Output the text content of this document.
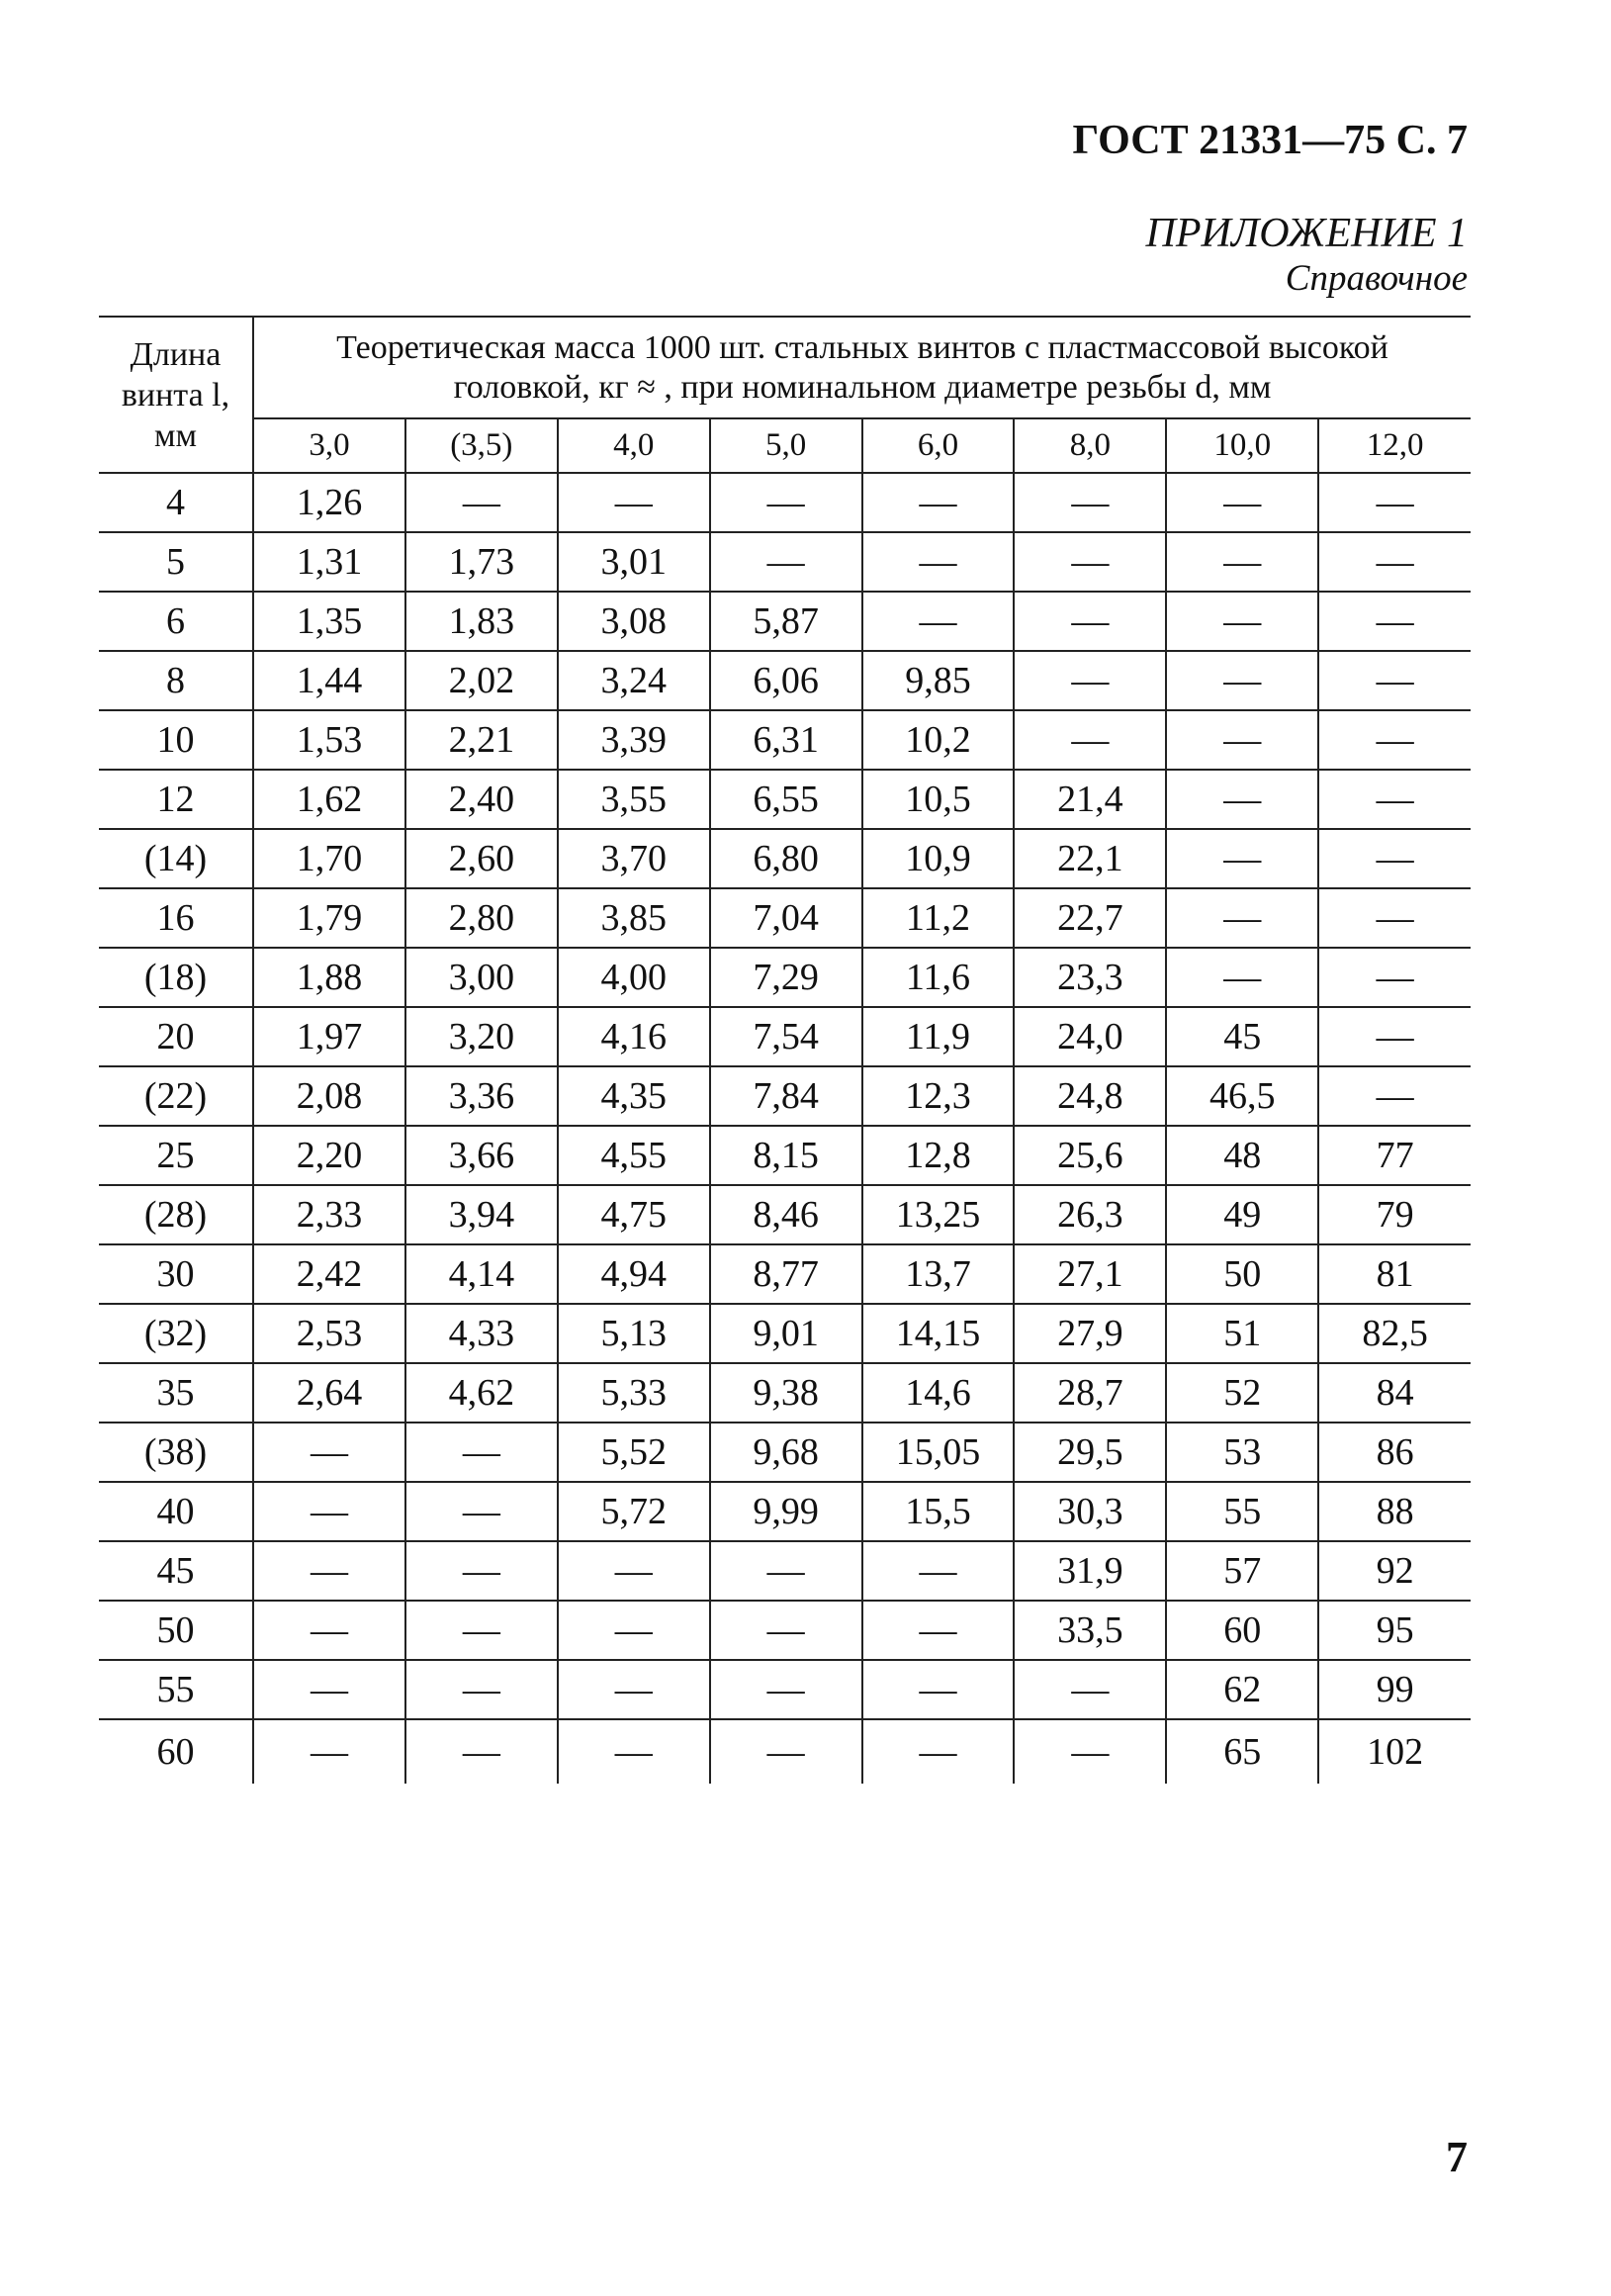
ГОСТ 21331—75 С. 7
ПРИЛОЖЕНИЕ 1
Справочное
Длина
винта l,
мм	Теоретическая масса 1000 шт. стальных винтов с пластмассовой высокой
головкой, кг ≈ , при номинальном диаметре резьбы d, мм							

	3,0	(3,5)	4,0	5,0	6,0	8,0	10,0	12,0
4	1,26	—	—	—	—	—	—	—
5	1,31	1,73	3,01	—	—	—	—	—
6	1,35	1,83	3,08	5,87	—	—	—	—
8	1,44	2,02	3,24	6,06	9,85	—	—	—
10	1,53	2,21	3,39	6,31	10,2	—	—	—
12	1,62	2,40	3,55	6,55	10,5	21,4	—	—
(14)	1,70	2,60	3,70	6,80	10,9	22,1	—	—
16	1,79	2,80	3,85	7,04	11,2	22,7	—	—
(18)	1,88	3,00	4,00	7,29	11,6	23,3	—	—
20	1,97	3,20	4,16	7,54	11,9	24,0	45	—
(22)	2,08	3,36	4,35	7,84	12,3	24,8	46,5	—
25	2,20	3,66	4,55	8,15	12,8	25,6	48	77
(28)	2,33	3,94	4,75	8,46	13,25	26,3	49	79
30	2,42	4,14	4,94	8,77	13,7	27,1	50	81
(32)	2,53	4,33	5,13	9,01	14,15	27,9	51	82,5
35	2,64	4,62	5,33	9,38	14,6	28,7	52	84
(38)	—	—	5,52	9,68	15,05	29,5	53	86
40	—	—	5,72	9,99	15,5	30,3	55	88
45	—	—	—	—	—	31,9	57	92
50	—	—	—	—	—	33,5	60	95
55	—	—	—	—	—	—	62	99
60	—	—	—	—	—	—	65	102
7
